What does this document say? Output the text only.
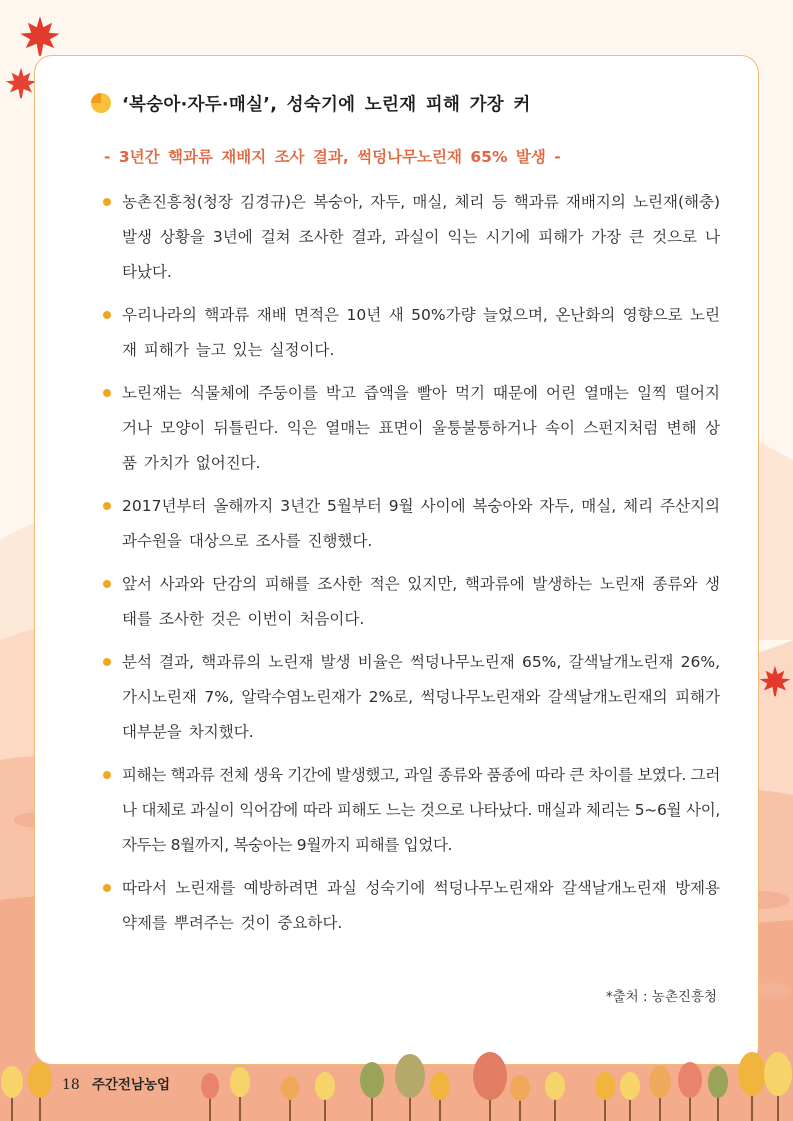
‘복숭아·자두·매실’, 성숙기에 노린재 피해 가장 커
- 3년간 핵과류 재배지 조사 결과, 썩덩나무노린재 65% 발생 -
농촌진흥청(청장 김경규)은 복숭아, 자두, 매실, 체리 등 핵과류 재배지의 노린재(해충) 발생 상황을 3년에 걸쳐 조사한 결과, 과실이 익는 시기에 피해가 가장 큰 것으로 나타났다.
우리나라의 핵과류 재배 면적은 10년 새 50%가량 늘었으며, 온난화의 영향으로 노린재 피해가 늘고 있는 실정이다.
노린재는 식물체에 주둥이를 박고 즙액을 빨아 먹기 때문에 어린 열매는 일찍 떨어지거나 모양이 뒤틀린다. 익은 열매는 표면이 울퉁불퉁하거나 속이 스펀지처럼 변해 상품 가치가 없어진다.
2017년부터 올해까지 3년간 5월부터 9월 사이에 복숭아와 자두, 매실, 체리 주산지의 과수원을 대상으로 조사를 진행했다.
앞서 사과와 단감의 피해를 조사한 적은 있지만, 핵과류에 발생하는 노린재 종류와 생태를 조사한 것은 이번이 처음이다.
분석 결과, 핵과류의 노린재 발생 비율은 썩덩나무노린재 65%, 갈색날개노린재 26%, 가시노린재 7%, 알락수염노린재가 2%로, 썩덩나무노린재와 갈색날개노린재의 피해가 대부분을 차지했다.
피해는 핵과류 전체 생육 기간에 발생했고, 과일 종류와 품종에 따라 큰 차이를 보였다. 그러나 대체로 과실이 익어감에 따라 피해도 느는 것으로 나타났다. 매실과 체리는 5~6월 사이, 자두는 8월까지, 복숭아는 9월까지 피해를 입었다.
따라서 노린재를 예방하려면 과실 성숙기에 썩덩나무노린재와 갈색날개노린재 방제용 약제를 뿌려주는 것이 중요하다.
*출처 : 농촌진흥청
18 주간전남농업
